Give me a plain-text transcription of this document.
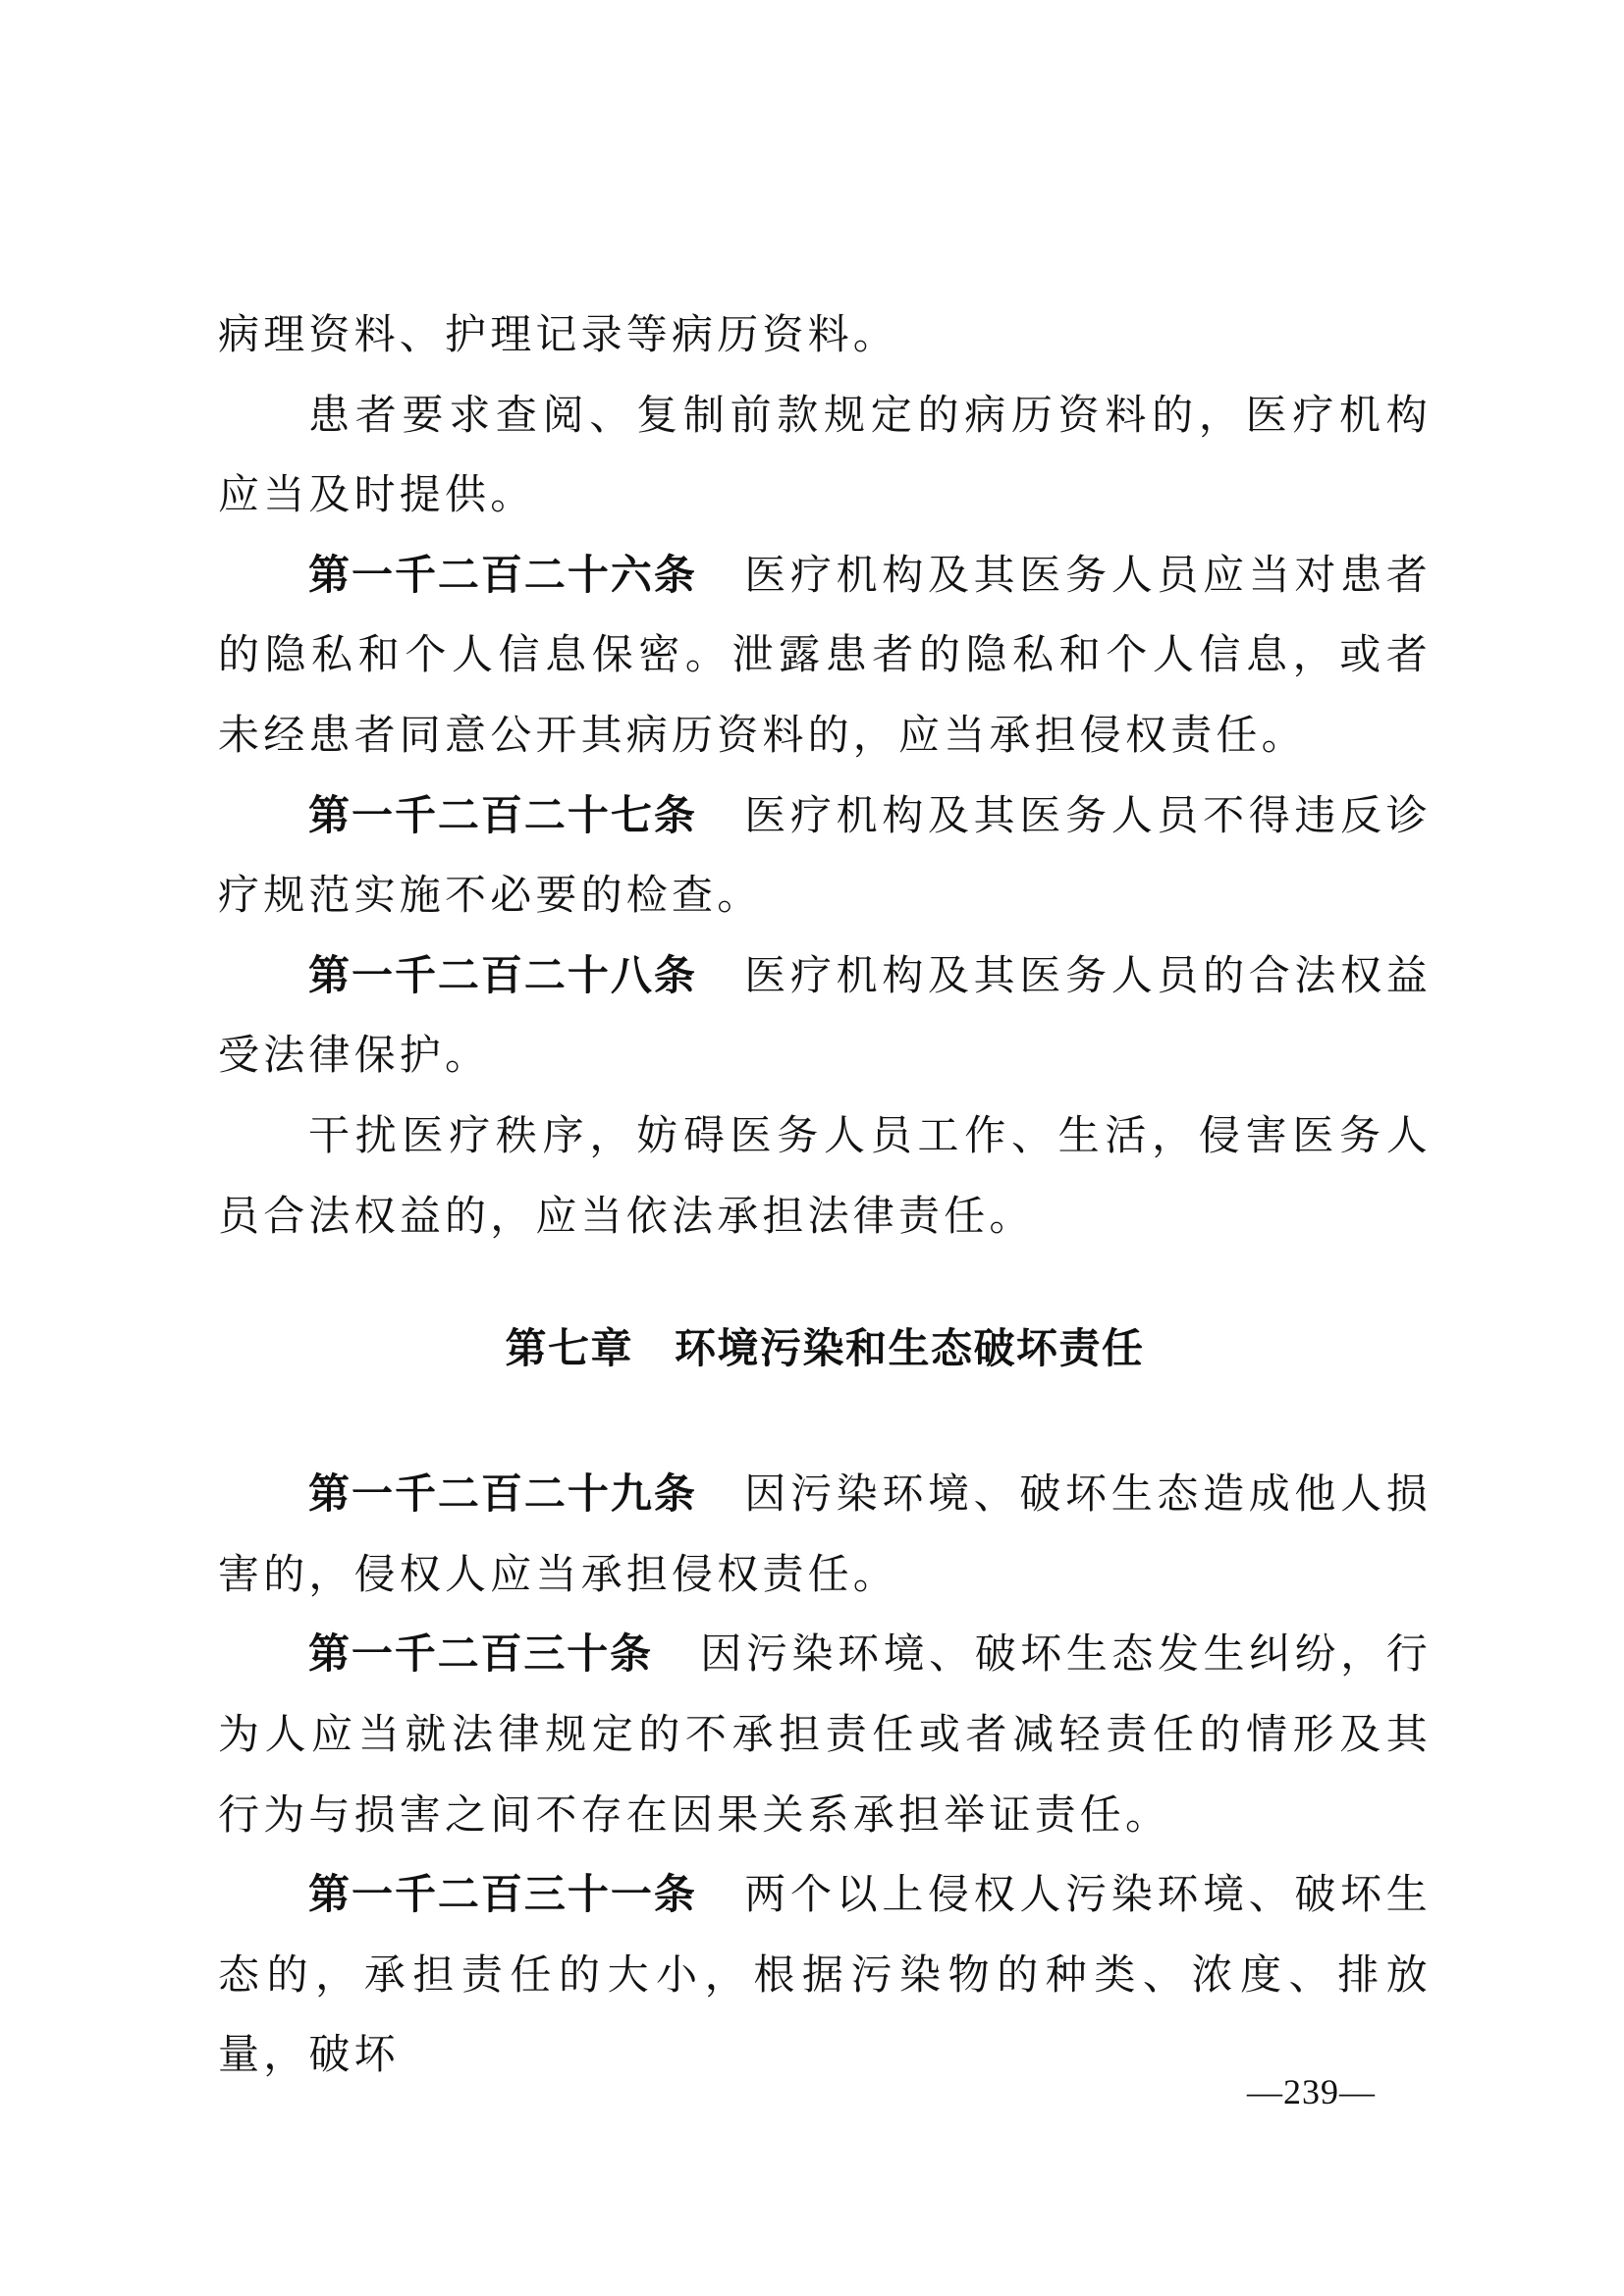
病理资料、护理记录等病历资料。

患者要求查阅、复制前款规定的病历资料的，医疗机构应当及时提供。

第一千二百二十六条 医疗机构及其医务人员应当对患者的隐私和个人信息保密。泄露患者的隐私和个人信息，或者未经患者同意公开其病历资料的，应当承担侵权责任。

第一千二百二十七条 医疗机构及其医务人员不得违反诊疗规范实施不必要的检查。

第一千二百二十八条 医疗机构及其医务人员的合法权益受法律保护。

干扰医疗秩序，妨碍医务人员工作、生活，侵害医务人员合法权益的，应当依法承担法律责任。

第七章 环境污染和生态破坏责任

第一千二百二十九条 因污染环境、破坏生态造成他人损害的，侵权人应当承担侵权责任。

第一千二百三十条 因污染环境、破坏生态发生纠纷，行为人应当就法律规定的不承担责任或者减轻责任的情形及其行为与损害之间不存在因果关系承担举证责任。

第一千二百三十一条 两个以上侵权人污染环境、破坏生态的，承担责任的大小，根据污染物的种类、浓度、排放量，破坏

—239—
